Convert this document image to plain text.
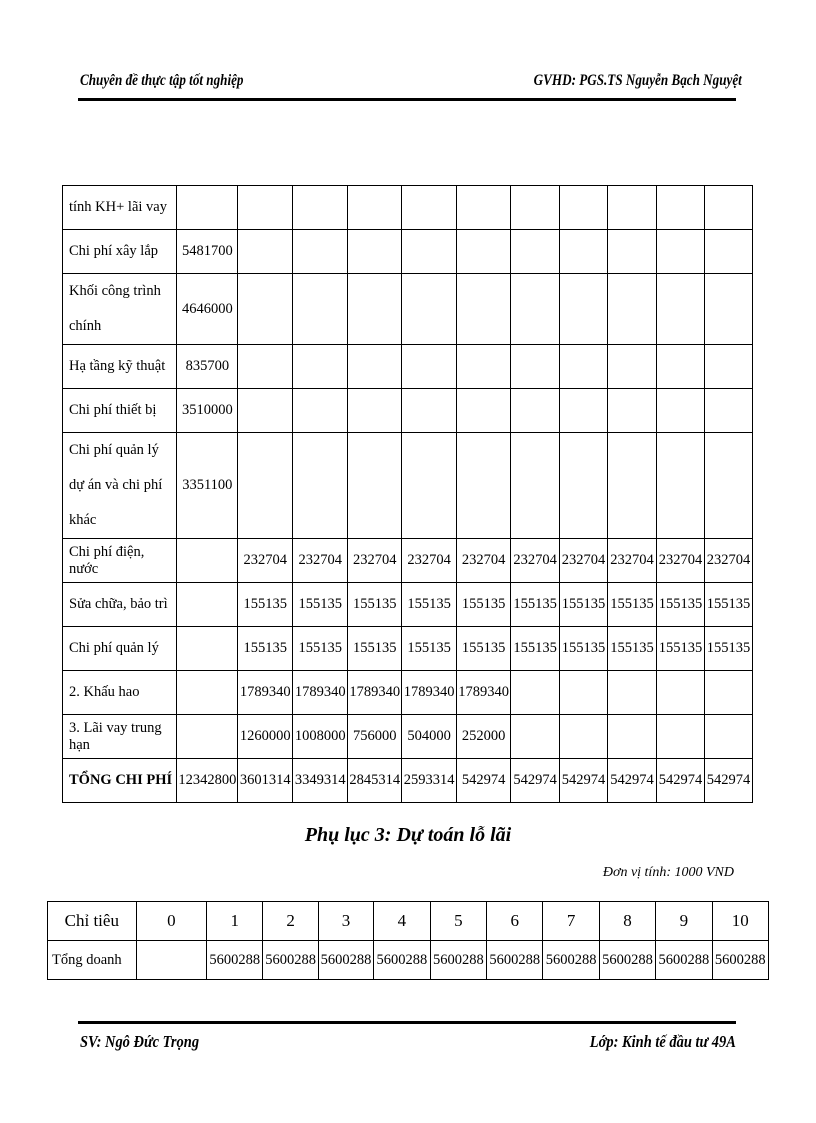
Chuyên đề thực tập tốt nghiệp	GVHD: PGS.TS Nguyễn Bạch Nguyệt
tính KH+ lãi vay											
Chi phí xây lắp	5481700										
Khối công trình chính	4646000										
Hạ tầng kỹ thuật	835700										
Chi phí thiết bị	3510000										
Chi phí quản lý dự án và chi phí khác	3351100										
Chi phí điện, nước		232704	232704	232704	232704	232704	232704	232704	232704	232704	232704
Sửa chữa, bảo trì		155135	155135	155135	155135	155135	155135	155135	155135	155135	155135
Chi phí quản lý		155135	155135	155135	155135	155135	155135	155135	155135	155135	155135
2. Khấu hao		1789340	1789340	1789340	1789340	1789340					
3. Lãi vay trung hạn		1260000	1008000	756000	504000	252000					
TỔNG CHI PHÍ	12342800	3601314	3349314	2845314	2593314	542974	542974	542974	542974	542974	542974
Phụ lục 3: Dự toán lỗ lãi
Đơn vị tính: 1000 VND
Chỉ tiêu	0	1	2	3	4	5	6	7	8	9	10
Tổng doanh		5600288	5600288	5600288	5600288	5600288	5600288	5600288	5600288	5600288	5600288
SV: Ngô Đức Trọng	Lớp: Kinh tế đầu tư 49A
